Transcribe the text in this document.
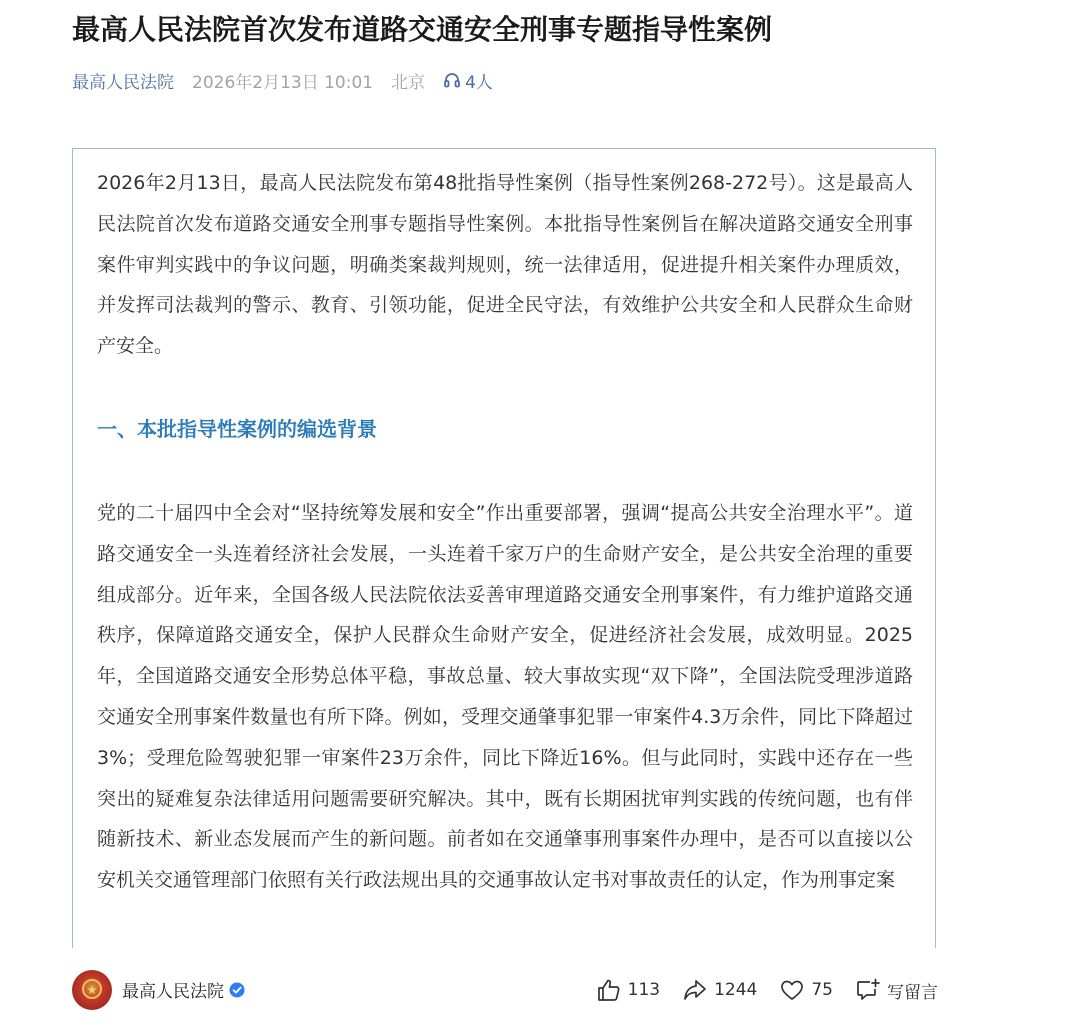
最高人民法院首次发布道路交通安全刑事专题指导性案例
最高人民法院 2026年2月13日 10:01 北京 4人

2026年2月13日，最高人民法院发布第48批指导性案例（指导性案例268-272号）。这是最高人民法院首次发布道路交通安全刑事专题指导性案例。本批指导性案例旨在解决道路交通安全刑事案件审判实践中的争议问题，明确类案裁判规则，统一法律适用，促进提升相关案件办理质效，并发挥司法裁判的警示、教育、引领功能，促进全民守法，有效维护公共安全和人民群众生命财产安全。

一、本批指导性案例的编选背景

党的二十届四中全会对“坚持统筹发展和安全”作出重要部署，强调“提高公共安全治理水平”。道路交通安全一头连着经济社会发展，一头连着千家万户的生命财产安全，是公共安全治理的重要组成部分。近年来，全国各级人民法院依法妥善审理道路交通安全刑事案件，有力维护道路交通秩序，保障道路交通安全，保护人民群众生命财产安全，促进经济社会发展，成效明显。2025年，全国道路交通安全形势总体平稳，事故总量、较大事故实现“双下降”，全国法院受理涉道路交通安全刑事案件数量也有所下降。例如，受理交通肇事犯罪一审案件4.3万余件，同比下降超过3%；受理危险驾驶犯罪一审案件23万余件，同比下降近16%。但与此同时，实践中还存在一些突出的疑难复杂法律适用问题需要研究解决。其中，既有长期困扰审判实践的传统问题，也有伴随新技术、新业态发展而产生的新问题。前者如在交通肇事刑事案件办理中，是否可以直接以公安机关交通管理部门依照有关行政法规出具的交通事故认定书对事故责任的认定，作为刑事定案

★	最高人民法院	113	1244	75	写留言
